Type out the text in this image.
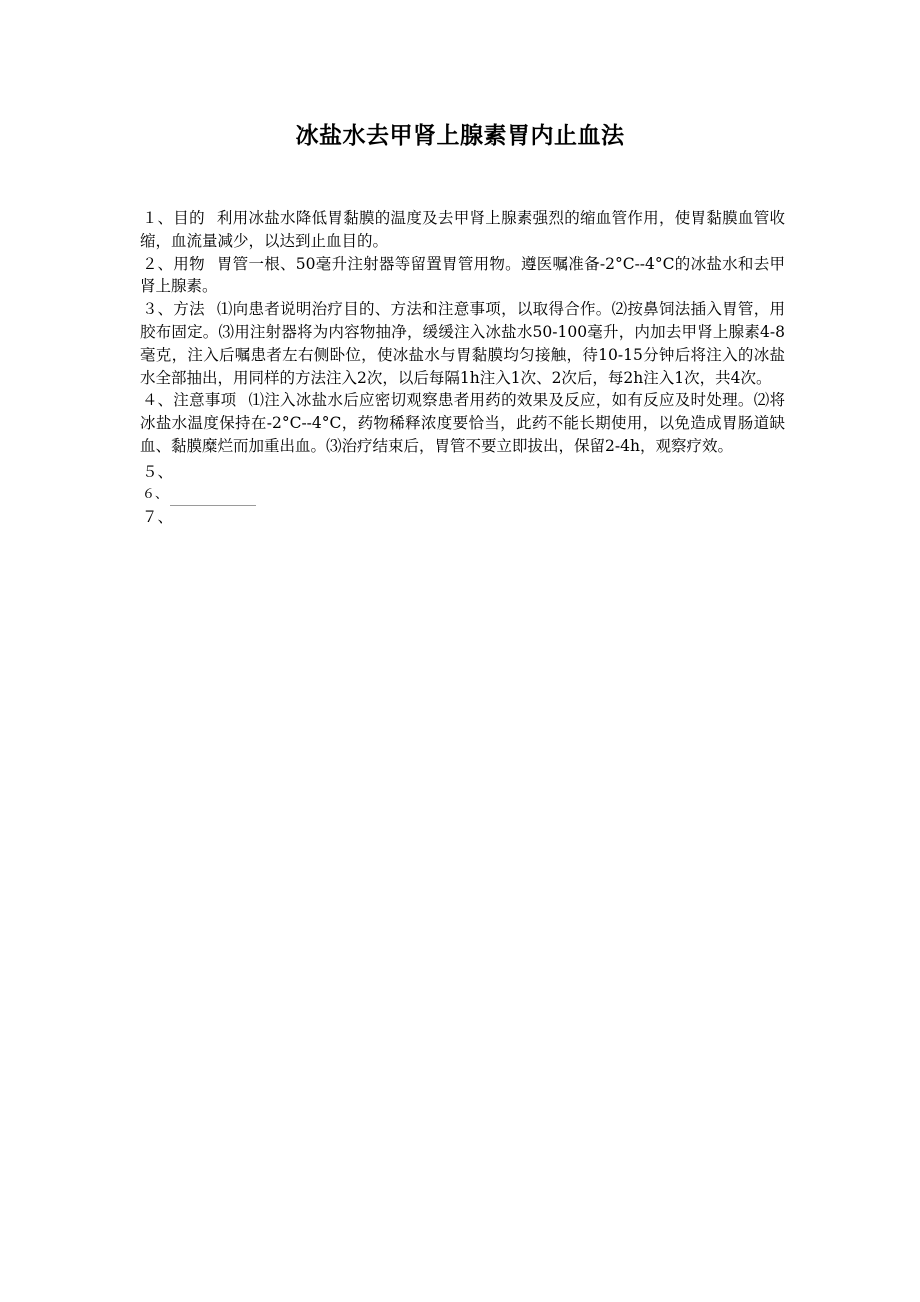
冰盐水去甲肾上腺素胃内止血法

１、目的 利用冰盐水降低胃黏膜的温度及去甲肾上腺素强烈的缩血管作用，使胃黏膜血管收缩，血流量减少，以达到止血目的。

２、用物 胃管一根、50毫升注射器等留置胃管用物。遵医嘱准备-2°C--4°C的冰盐水和去甲肾上腺素。

３、方法 ⑴向患者说明治疗目的、方法和注意事项，以取得合作。⑵按鼻饲法插入胃管，用胶布固定。⑶用注射器将为内容物抽净，缓缓注入冰盐水50-100毫升，内加去甲肾上腺素4-8毫克，注入后嘱患者左右侧卧位，使冰盐水与胃黏膜均匀接触，待10-15分钟后将注入的冰盐水全部抽出，用同样的方法注入2次，以后每隔1h注入1次、2次后，每2h注入1次，共4次。

４、注意事项 ⑴注入冰盐水后应密切观察患者用药的效果及反应，如有反应及时处理。⑵将冰盐水温度保持在-2°C--4°C，药物稀释浓度要恰当，此药不能长期使用，以免造成胃肠道缺血、黏膜糜烂而加重出血。⑶治疗结束后，胃管不要立即拔出，保留2-4h，观察疗效。

５、

６、

７、
